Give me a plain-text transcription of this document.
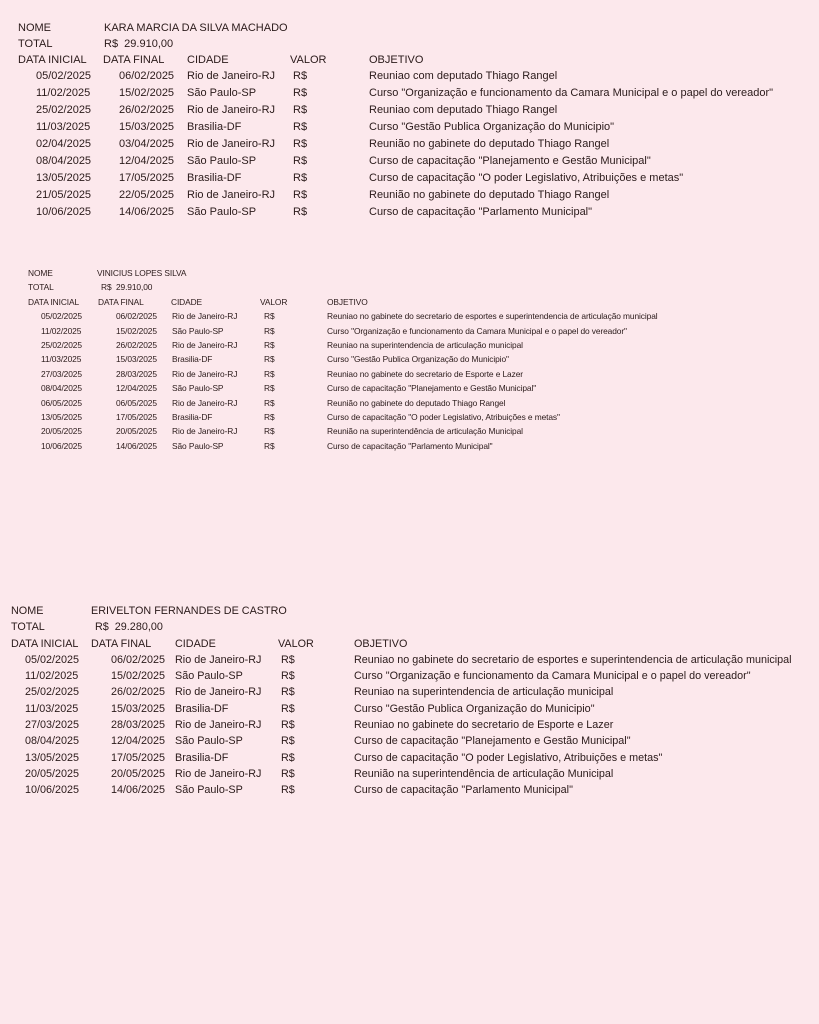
NOME	KARA MARCIA DA SILVA MACHADO
TOTAL	R$  29.910,00
DATA INICIAL DATA FINAL CIDADE	VALOR	OBJETIVO
05/02/2025	06/02/2025 Rio de Janeiro-RJ R$	Reuniao com deputado Thiago Rangel
11/02/2025	15/02/2025 São Paulo-SP	R$	Curso "Organização e funcionamento da Camara Municipal e o papel do vereador"
25/02/2025	26/02/2025 Rio de Janeiro-RJ R$	Reuniao com deputado Thiago Rangel
11/03/2025	15/03/2025 Brasilia-DF	R$	Curso "Gestão Publica Organização do Municipio"
02/04/2025	03/04/2025 Rio de Janeiro-RJ R$	Reunião no gabinete do deputado Thiago Rangel
08/04/2025	12/04/2025 São Paulo-SP	R$	Curso de capacitação "Planejamento e Gestão Municipal"
13/05/2025	17/05/2025 Brasilia-DF	R$	Curso de capacitação "O poder Legislativo, Atribuições e metas"
21/05/2025	22/05/2025 Rio de Janeiro-RJ R$	Reunião no gabinete do deputado Thiago Rangel
10/06/2025	14/06/2025 São Paulo-SP	R$	Curso de capacitação "Parlamento Municipal"
NOME	VINICIUS LOPES SILVA
TOTAL	R$  29.910,00
DATA INICIAL DATA FINAL	CIDADE	VALOR	OBJETIVO
05/02/2025	06/02/2025 Rio de Janeiro-RJ	R$	Reuniao no gabinete do secretario de esportes e superintendencia de articulação municipal
11/02/2025	15/02/2025 São Paulo-SP	R$	Curso "Organização e funcionamento da Camara Municipal e o papel do vereador"
25/02/2025	26/02/2025 Rio de Janeiro-RJ	R$	Reuniao na superintendencia de articulação municipal
11/03/2025	15/03/2025 Brasilia-DF	R$	Curso "Gestão Publica Organização do Municipio"
27/03/2025	28/03/2025 Rio de Janeiro-RJ	R$	Reuniao no gabinete do secretario de Esporte e Lazer
08/04/2025	12/04/2025 São Paulo-SP	R$	Curso de capacitação "Planejamento e Gestão Municipal"
06/05/2025	06/05/2025 Rio de Janeiro-RJ	R$	Reunião no gabinete do deputado Thiago Rangel
13/05/2025	17/05/2025 Brasilia-DF	R$	Curso de capacitação "O poder Legislativo, Atribuições e metas"
20/05/2025	20/05/2025 Rio de Janeiro-RJ	R$	Reunião na superintendência de articulação Municipal
10/06/2025	14/06/2025 São Paulo-SP	R$	Curso de capacitação "Parlamento Municipal"
NOME	ERIVELTON FERNANDES DE CASTRO
TOTAL	R$  29.280,00
DATA INICIAL DATA FINAL CIDADE	VALOR	OBJETIVO
05/02/2025	06/02/2025 Rio de Janeiro-RJ R$	Reuniao no gabinete do secretario de esportes e superintendencia de articulação municipal
11/02/2025	15/02/2025 São Paulo-SP	R$	Curso "Organização e funcionamento da Camara Municipal e o papel do vereador"
25/02/2025	26/02/2025 Rio de Janeiro-RJ R$	Reuniao na superintendencia de articulação municipal
11/03/2025	15/03/2025 Brasilia-DF	R$	Curso "Gestão Publica Organização do Municipio"
27/03/2025	28/03/2025 Rio de Janeiro-RJ R$	Reuniao no gabinete do secretario de Esporte e Lazer
08/04/2025	12/04/2025 São Paulo-SP	R$	Curso de capacitação "Planejamento e Gestão Municipal"
13/05/2025	17/05/2025 Brasilia-DF	R$	Curso de capacitação "O poder Legislativo, Atribuições e metas"
20/05/2025	20/05/2025 Rio de Janeiro-RJ R$	Reunião na superintendência de articulação Municipal
10/06/2025	14/06/2025 São Paulo-SP	R$	Curso de capacitação "Parlamento Municipal"
